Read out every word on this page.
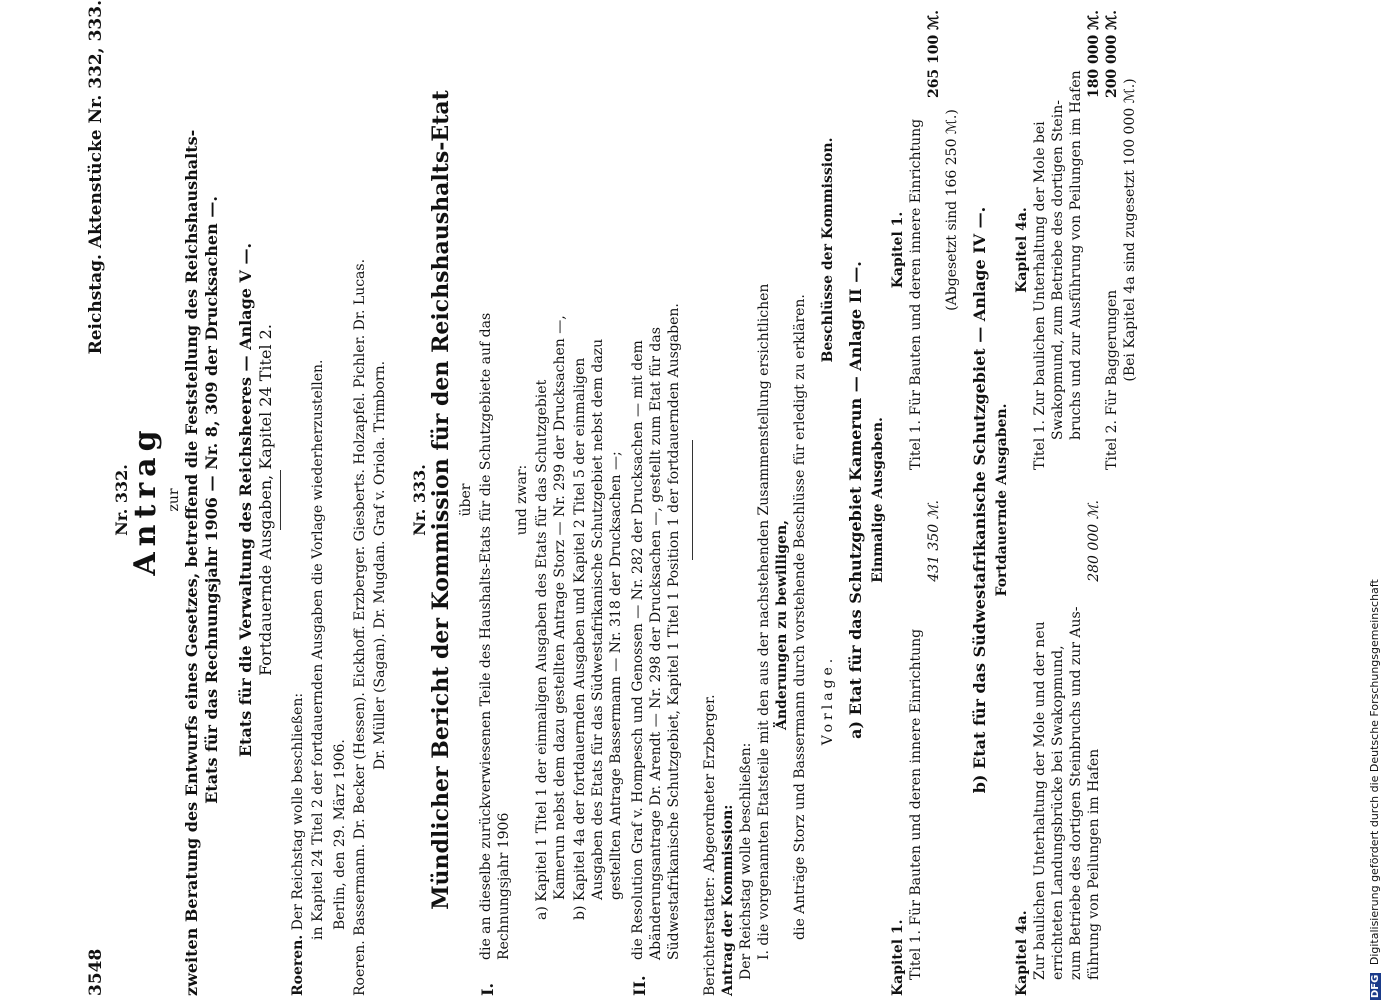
3548
Reichstag. Aktenstücke Nr. 332, 333.
Nr. 332.
Antrag zur zweiten Beratung des Entwurfs eines Gesetzes, betreffend die Feststellung des Reichshaushalts- Etats für das Rechnungsjahr 1906 — Nr. 8, 309 der Drucksachen —. Etats für die Verwaltung des Reichsheeres — Anlage V —. Fortdauernde Ausgaben, Kapitel 24 Titel 2.
Roeren. Der Reichstag wolle beschließen: in Kapitel 24 Titel 2 der fortdauernden Ausgaben die Vorlage wiederherzustellen. Berlin, den 29. März 1906. Roeren. Bassermann. Dr. Becker (Hessen). Eickhoff. Erzberger. Giesberts. Holzapfel. Pichler. Dr. Lucas. Dr. Müller (Sagan). Dr. Mugdan. Graf v. Oriola. Trimborn. Nr. 333. Mündlicher Bericht der Kommission für den Reichshaushalts-Etat über
I.
die an dieselbe zurückverwiesenen Teile des Haushalts-Etats für die Schutzgebiete auf das Rechnungsjahr 1906
und zwar: a) Kapitel 1 Titel 1 der einmaligen Ausgaben des Etats für das Schutzgebiet Kamerun nebst dem dazu gestellten Antrage Storz — Nr. 299 der Drucksachen —, b) Kapitel 4a der fortdauernden Ausgaben und Kapitel 2 Titel 5 der einmaligen Ausgaben des Etats für das Südwestafrikanische Schutzgebiet nebst dem dazu gestellten Antrage Bassermann — Nr. 318 der Drucksachen —;
II.
die Resolution Graf v. Hompesch und Genossen — Nr. 282 der Drucksachen — mit dem Abänderungsantrage Dr. Arendt — Nr. 298 der Drucksachen —, gestellt zum Etat für das Südwestafrikanische Schutzgebiet, Kapitel 1 Titel 1 Position 1 der fortdauernden Ausgaben. Berichterstatter: Abgeordneter Erzberger. Antrag der Kommission: Der Reichstag wolle beschließen: I. die vorgenannten Etatsteile mit den aus der nachstehenden Zusammenstellung ersichtlichen Änderungen zu bewilligen, die Anträge Storz und Bassermann durch vorstehende Beschlüsse für erledigt zu erklären. Vorlage.
Beschlüsse der Kommission.
a) Etat für das Schutzgebiet Kamerun — Anlage II —. Einmalige Ausgaben.
Kapitel 1.
Kapitel 1.
Titel 1. Für Bauten und deren innere Einrichtung
431 350 ℳ.
Titel 1. Für Bauten und deren innere Einrichtung
265 100 ℳ.
(Abgesetzt sind 166 250 ℳ.) b) Etat für das Südwestafrikanische Schutzgebiet — Anlage IV —. Fortdauernde Ausgaben.
Kapitel 4a.
Kapitel 4a.
Zur baulichen Unterhaltung der Mole und der neu errichteten Landungsbrücke bei Swakopmund, zum Betriebe des dortigen Steinbruchs und zur Aus- führung von Peilungen im Hafen
280 000 ℳ.
Titel 1. Zur baulichen Unterhaltung der Mole bei Swakopmund, zum Betriebe des dortigen Stein- bruchs und zur Ausführung von Peilungen im Hafen
180 000 ℳ.
Titel 2. Für Baggerungen
200 000 ℳ.
(Bei Kapitel 4a sind zugesetzt 100 000 ℳ.)
DFG Digitalisierung gefördert durch die Deutsche Forschungsgemeinschaft
